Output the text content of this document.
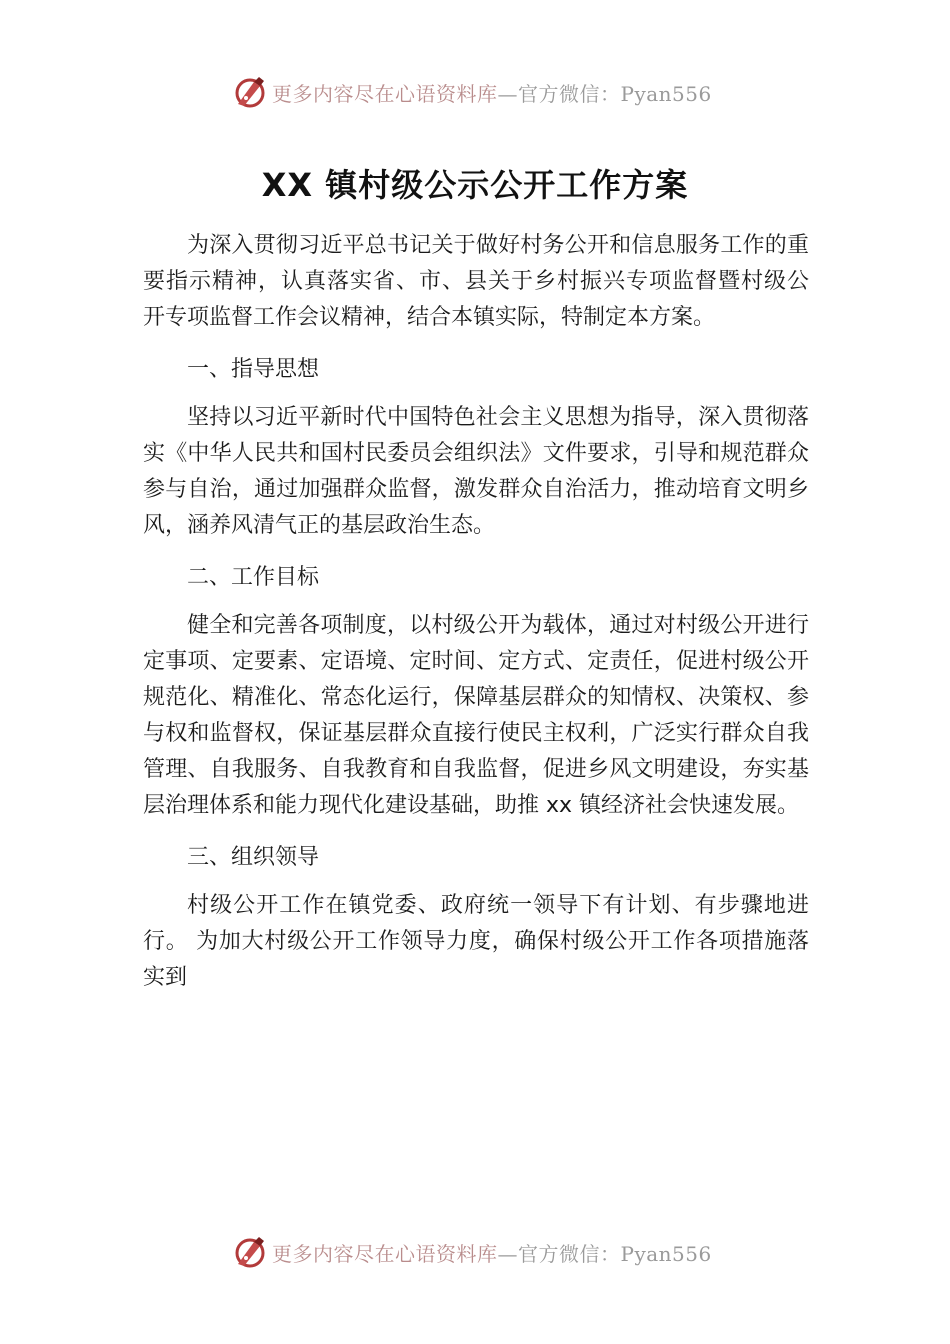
更多内容尽在心语资料库—官方微信：Pyan556
XX 镇村级公示公开工作方案

为深入贯彻习近平总书记关于做好村务公开和信息服务工作的重要指示精神，认真落实省、市、县关于乡村振兴专项监督暨村级公 开专项监督工作会议精神，结合本镇实际，特制定本方案。

一、指导思想

坚持以习近平新时代中国特色社会主义思想为指导，深入贯彻落实《中华人民共和国村民委员会组织法》文件要求，引导和规范群众 参与自治，通过加强群众监督，激发群众自治活力，推动培育文明乡 风，涵养风清气正的基层政治生态。

二、工作目标

健全和完善各项制度，以村级公开为载体，通过对村级公开进行 定事项、定要素、定语境、定时间、定方式、定责任，促进村级公开 规范化、精准化、常态化运行，保障基层群众的知情权、决策权、参 与权和监督权，保证基层群众直接行使民主权利，广泛实行群众自我 管理、自我服务、自我教育和自我监督，促进乡风文明建设，夯实基 层治理体系和能力现代化建设基础，助推 xx 镇经济社会快速发展。

三、组织领导

村级公开工作在镇党委、政府统一领导下有计划、有步骤地进行。 为加大村级公开工作领导力度，确保村级公开工作各项措施落实到

更多内容尽在心语资料库—官方微信：Pyan556
